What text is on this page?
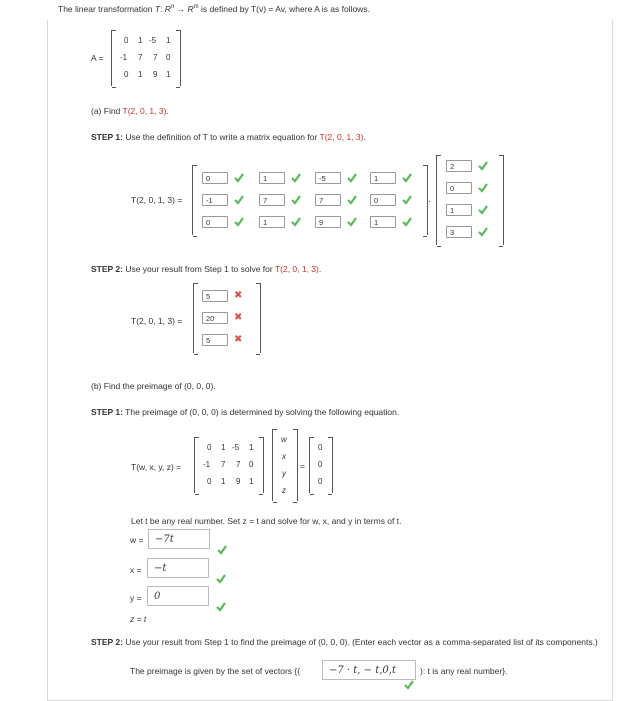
The linear transformation T: $R^n \to R^m$ is defined by T(v) = Av, where A is as follows.
A =
0 1 -5 1
-1 7 7 0
0 1 9 1
(a) Find T(2, 0, 1, 3).
STEP 1: Use the definition of T to write a matrix equation for T(2, 0, 1, 3).
T(2, 0, 1, 3) =
0	1	-5	1
-1	7	7	0
0	1	9	1
·
2
0
1
3
STEP 2: Use your result from Step 1 to solve for T(2, 0, 1, 3).
T(2, 0, 1, 3) =
5	✖
20	✖
5	✖
(b) Find the preimage of (0, 0, 0).
STEP 1: The preimage of (0, 0, 0) is determined by solving the following equation.
T(w, x, y, z) =
0 1 -5 1
-1 7 7 0
0 1 9 1
w
x
y
z
=
0
0
0
Let t be any real number. Set z = t and solve for w, x, and y in terms of t.
w =	−7t
x =	−t
y =	0
z = t
STEP 2: Use your result from Step 1 to find the preimage of (0, 0, 0). (Enter each vector as a comma-separated list of its components.)
The preimage is given by the set of vectors {(	−7 · t, − t,0,t	): t is any real number}.
